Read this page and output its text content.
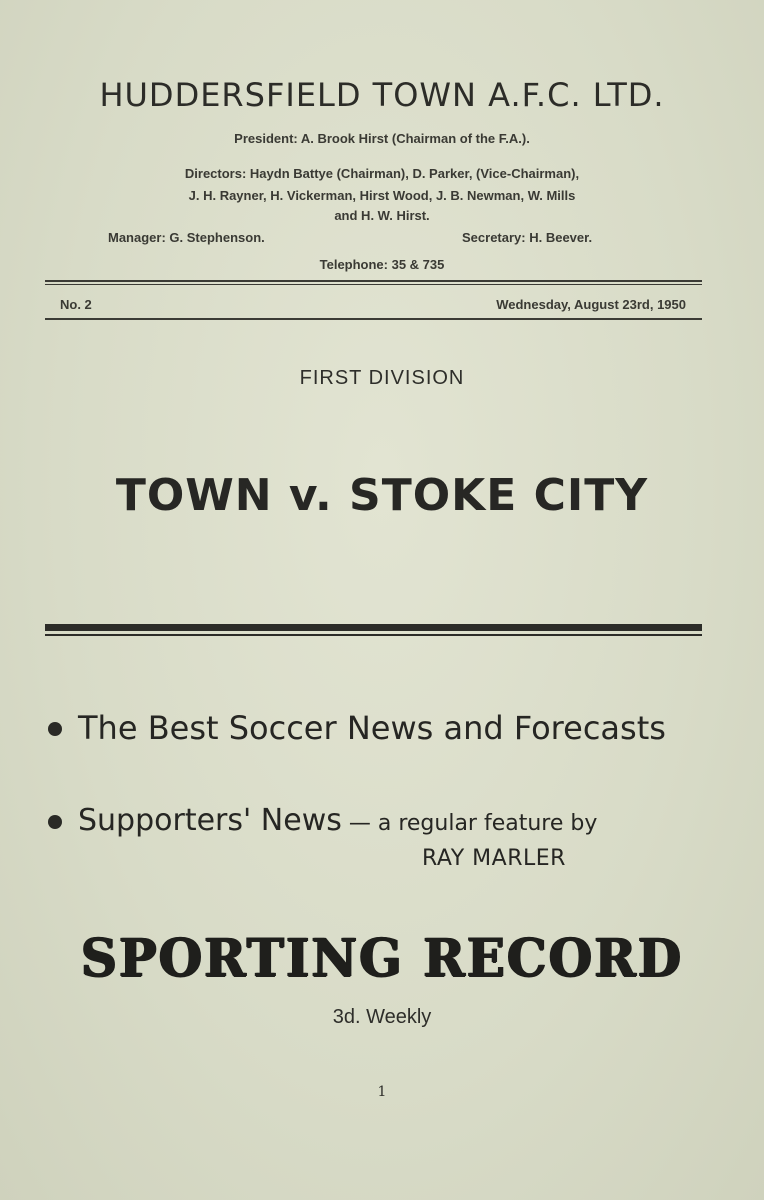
HUDDERSFIELD TOWN A.F.C. LTD.
President: A. Brook Hirst (Chairman of the F.A.).
Directors: Haydn Battye (Chairman), D. Parker, (Vice-Chairman),
J. H. Rayner, H. Vickerman, Hirst Wood, J. B. Newman, W. Mills
and H. W. Hirst.
Manager: G. Stephenson.	Secretary: H. Beever.
Telephone: 35 & 735
No. 2	Wednesday, August 23rd, 1950
FIRST DIVISION
TOWN v. STOKE CITY
The Best Soccer News and Forecasts
Supporters' News — a regular feature by
RAY MARLER
SPORTING RECORD
3d. Weekly
1
